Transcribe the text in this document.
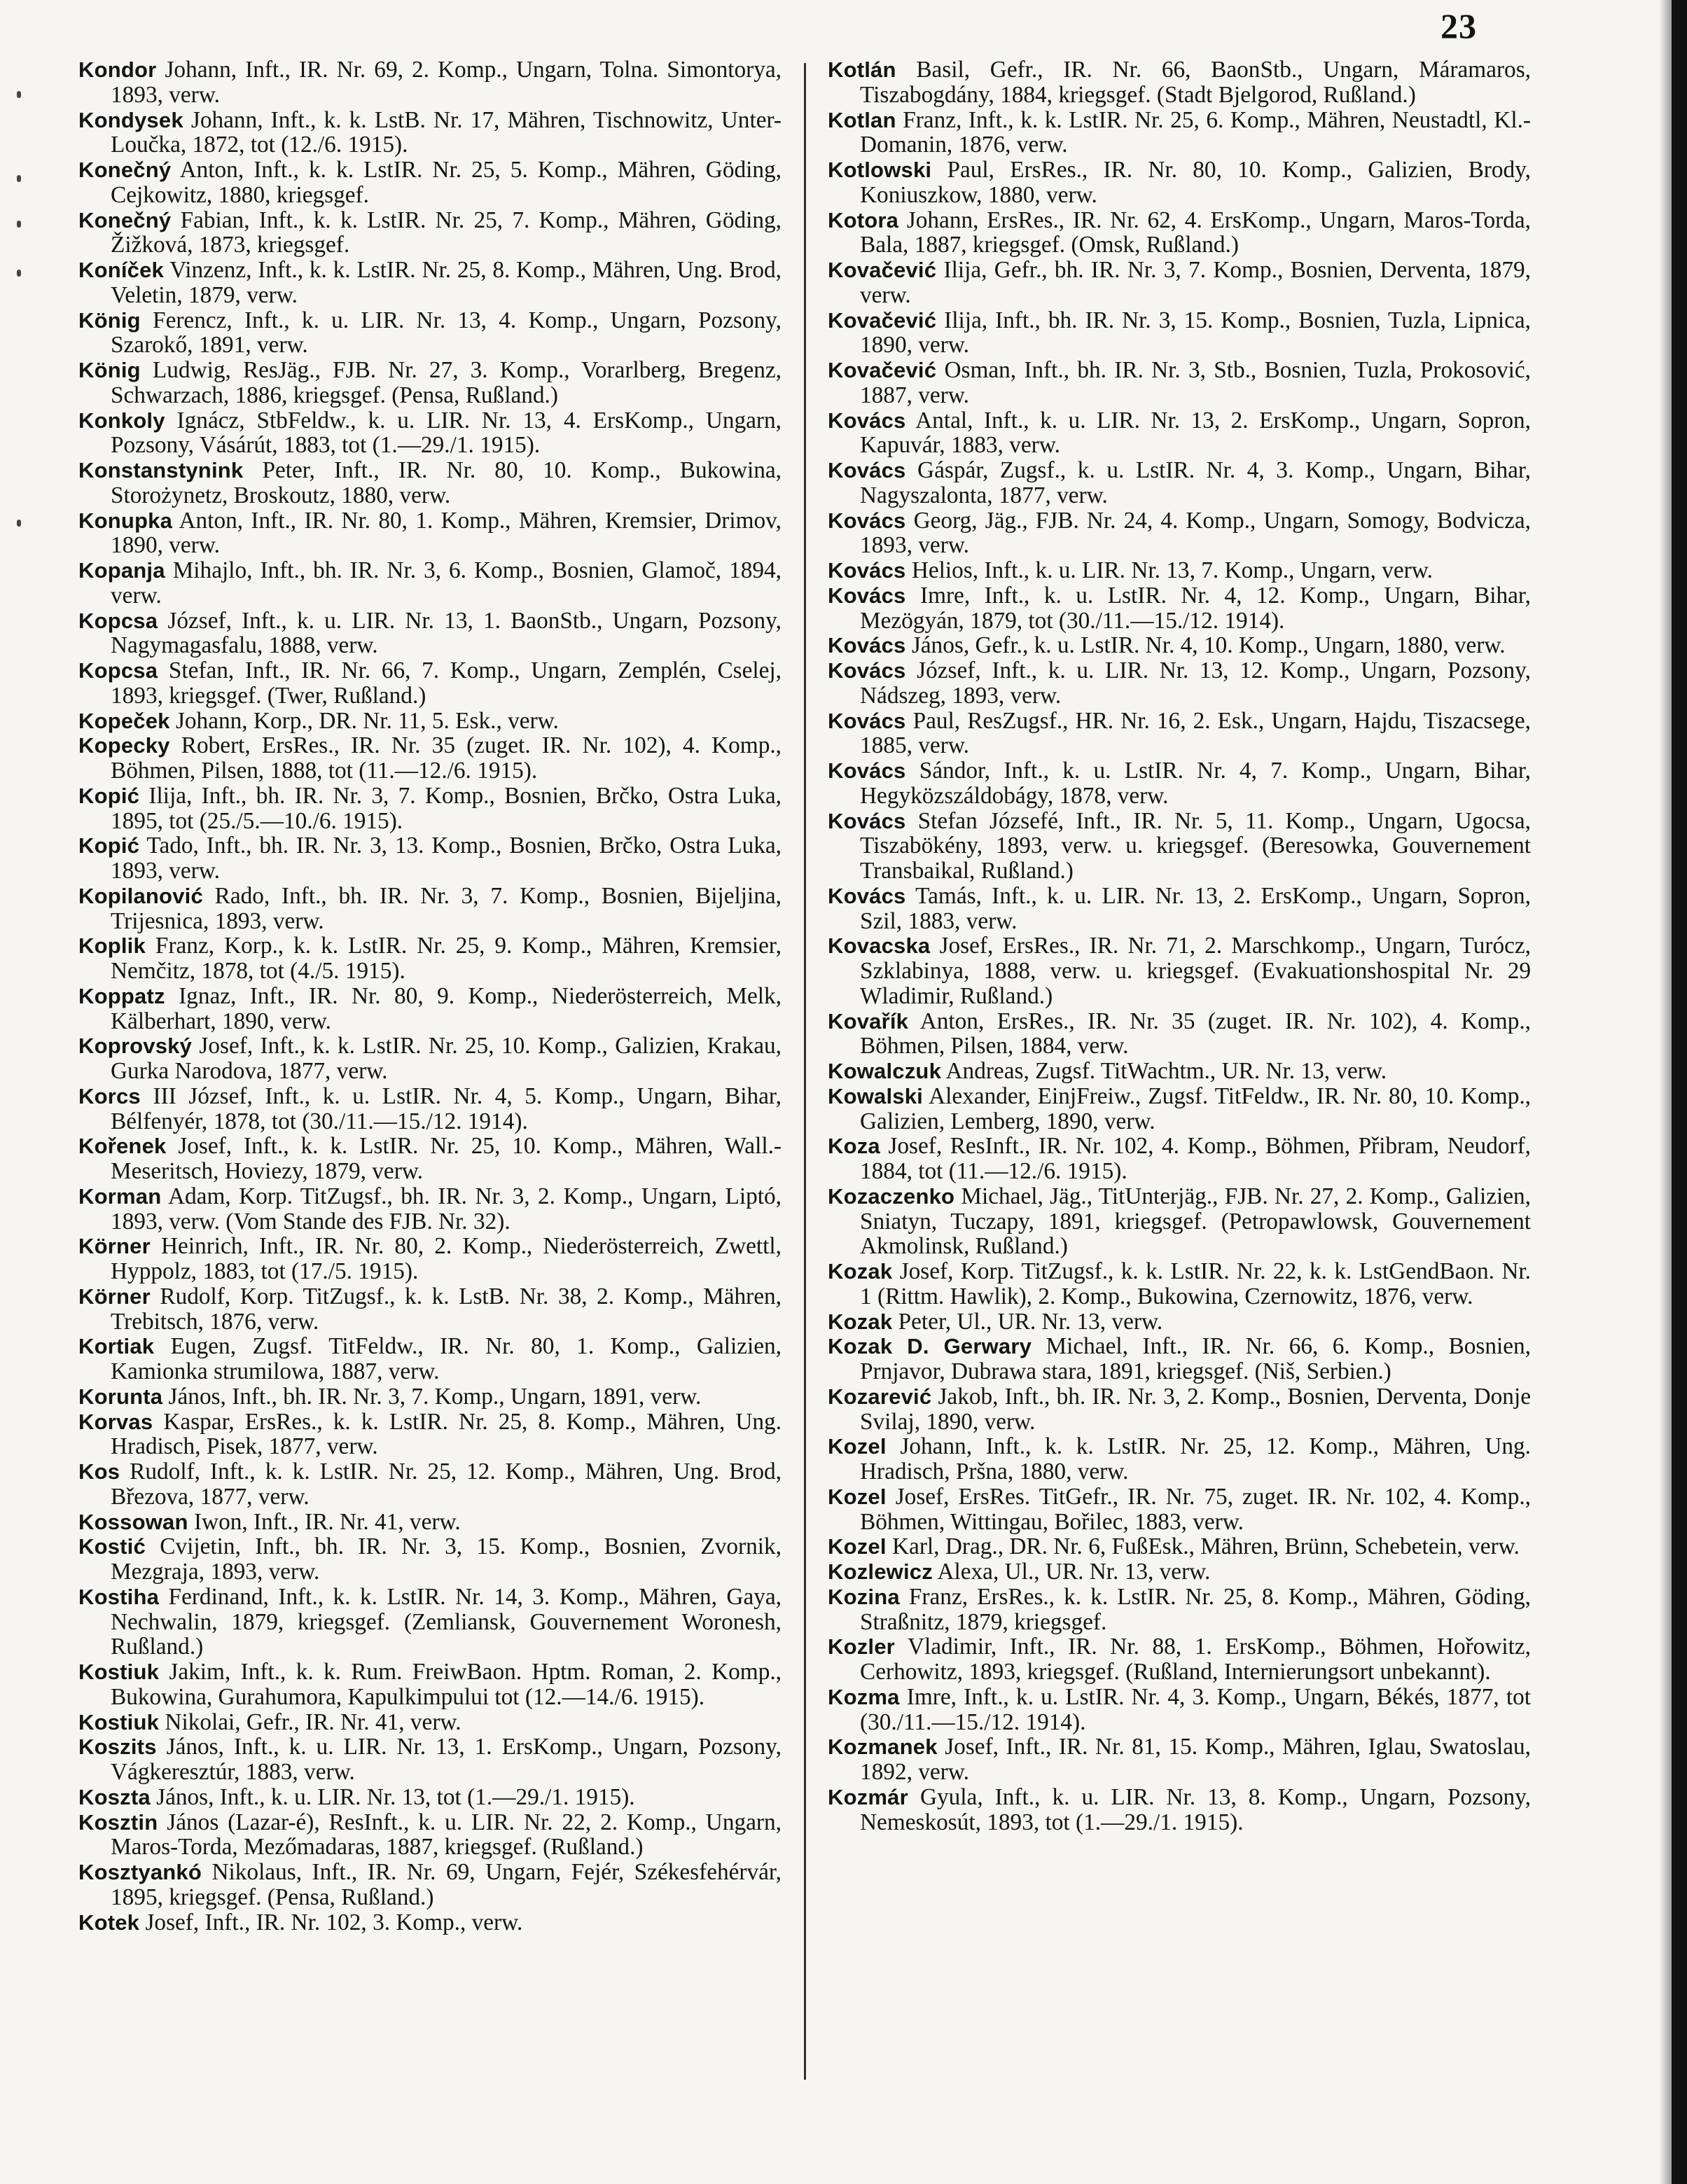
23

Kondor Johann, Inft., IR. Nr. 69, 2. Komp., Ungarn, Tolna. Simontorya, 1893, verw.

Kondysek Johann, Inft., k. k. LstB. Nr. 17, Mähren, Tischnowitz, Unter-Loučka, 1872, tot (12./6. 1915).

Konečný Anton, Inft., k. k. LstIR. Nr. 25, 5. Komp., Mähren, Göding, Cejkowitz, 1880, kriegsgef.

Konečný Fabian, Inft., k. k. LstIR. Nr. 25, 7. Komp., Mähren, Göding, Žižková, 1873, kriegsgef.

Koníček Vinzenz, Inft., k. k. LstIR. Nr. 25, 8. Komp., Mähren, Ung. Brod, Veletin, 1879, verw.

König Ferencz, Inft., k. u. LIR. Nr. 13, 4. Komp., Ungarn, Pozsony, Szarokő, 1891, verw.

König Ludwig, ResJäg., FJB. Nr. 27, 3. Komp., Vorarlberg, Bregenz, Schwarzach, 1886, kriegsgef. (Pensa, Rußland.)

Konkoly Ignácz, StbFeldw., k. u. LIR. Nr. 13, 4. ErsKomp., Ungarn, Pozsony, Vásárút, 1883, tot (1.—29./1. 1915).

Konstanstynink Peter, Inft., IR. Nr. 80, 10. Komp., Bukowina, Storożynetz, Broskoutz, 1880, verw.

Konupka Anton, Inft., IR. Nr. 80, 1. Komp., Mähren, Kremsier, Drimov, 1890, verw.

Kopanja Mihajlo, Inft., bh. IR. Nr. 3, 6. Komp., Bosnien, Glamoč, 1894, verw.

Kopcsa József, Inft., k. u. LIR. Nr. 13, 1. BaonStb., Ungarn, Pozsony, Nagymagasfalu, 1888, verw.

Kopcsa Stefan, Inft., IR. Nr. 66, 7. Komp., Ungarn, Zemplén, Cselej, 1893, kriegsgef. (Twer, Rußland.)

Kopeček Johann, Korp., DR. Nr. 11, 5. Esk., verw.

Kopecky Robert, ErsRes., IR. Nr. 35 (zuget. IR. Nr. 102), 4. Komp., Böhmen, Pilsen, 1888, tot (11.—12./6. 1915).

Kopić Ilija, Inft., bh. IR. Nr. 3, 7. Komp., Bosnien, Brčko, Ostra Luka, 1895, tot (25./5.—10./6. 1915).

Kopić Tado, Inft., bh. IR. Nr. 3, 13. Komp., Bosnien, Brčko, Ostra Luka, 1893, verw.

Kopilanović Rado, Inft., bh. IR. Nr. 3, 7. Komp., Bosnien, Bijeljina, Trijesnica, 1893, verw.

Koplik Franz, Korp., k. k. LstIR. Nr. 25, 9. Komp., Mähren, Kremsier, Nemčitz, 1878, tot (4./5. 1915).

Koppatz Ignaz, Inft., IR. Nr. 80, 9. Komp., Niederösterreich, Melk, Kälberhart, 1890, verw.

Koprovský Josef, Inft., k. k. LstIR. Nr. 25, 10. Komp., Galizien, Krakau, Gurka Narodova, 1877, verw.

Korcs III József, Inft., k. u. LstIR. Nr. 4, 5. Komp., Ungarn, Bihar, Bélfenyér, 1878, tot (30./11.—15./12. 1914).

Kořenek Josef, Inft., k. k. LstIR. Nr. 25, 10. Komp., Mähren, Wall.-Meseritsch, Hoviezy, 1879, verw.

Korman Adam, Korp. TitZugsf., bh. IR. Nr. 3, 2. Komp., Ungarn, Liptó, 1893, verw. (Vom Stande des FJB. Nr. 32).

Körner Heinrich, Inft., IR. Nr. 80, 2. Komp., Niederösterreich, Zwettl, Hyppolz, 1883, tot (17./5. 1915).

Körner Rudolf, Korp. TitZugsf., k. k. LstB. Nr. 38, 2. Komp., Mähren, Trebitsch, 1876, verw.

Kortiak Eugen, Zugsf. TitFeldw., IR. Nr. 80, 1. Komp., Galizien, Kamionka strumilowa, 1887, verw.

Korunta János, Inft., bh. IR. Nr. 3, 7. Komp., Ungarn, 1891, verw.

Korvas Kaspar, ErsRes., k. k. LstIR. Nr. 25, 8. Komp., Mähren, Ung. Hradisch, Pisek, 1877, verw.

Kos Rudolf, Inft., k. k. LstIR. Nr. 25, 12. Komp., Mähren, Ung. Brod, Březova, 1877, verw.

Kossowan Iwon, Inft., IR. Nr. 41, verw.

Kostić Cvijetin, Inft., bh. IR. Nr. 3, 15. Komp., Bosnien, Zvornik, Mezgraja, 1893, verw.

Kostiha Ferdinand, Inft., k. k. LstIR. Nr. 14, 3. Komp., Mähren, Gaya, Nechwalin, 1879, kriegsgef. (Zemliansk, Gouvernement Woronesh, Rußland.)

Kostiuk Jakim, Inft., k. k. Rum. FreiwBaon. Hptm. Roman, 2. Komp., Bukowina, Gurahumora, Kapulkimpului tot (12.—14./6. 1915).

Kostiuk Nikolai, Gefr., IR. Nr. 41, verw.

Koszits János, Inft., k. u. LIR. Nr. 13, 1. ErsKomp., Ungarn, Pozsony, Vágkeresztúr, 1883, verw.

Koszta János, Inft., k. u. LIR. Nr. 13, tot (1.—29./1. 1915).

Kosztin János (Lazar-é), ResInft., k. u. LIR. Nr. 22, 2. Komp., Ungarn, Maros-Torda, Mezőmadaras, 1887, kriegsgef. (Rußland.)

Kosztyankó Nikolaus, Inft., IR. Nr. 69, Ungarn, Fejér, Székesfehérvár, 1895, kriegsgef. (Pensa, Rußland.)

Kotek Josef, Inft., IR. Nr. 102, 3. Komp., verw.

Kotlán Basil, Gefr., IR. Nr. 66, BaonStb., Ungarn, Máramaros, Tiszabogdány, 1884, kriegsgef. (Stadt Bjelgorod, Rußland.)

Kotlan Franz, Inft., k. k. LstIR. Nr. 25, 6. Komp., Mähren, Neustadtl, Kl.-Domanin, 1876, verw.

Kotlowski Paul, ErsRes., IR. Nr. 80, 10. Komp., Galizien, Brody, Koniuszkow, 1880, verw.

Kotora Johann, ErsRes., IR. Nr. 62, 4. ErsKomp., Ungarn, Maros-Torda, Bala, 1887, kriegsgef. (Omsk, Rußland.)

Kovačević Ilija, Gefr., bh. IR. Nr. 3, 7. Komp., Bosnien, Derventa, 1879, verw.

Kovačević Ilija, Inft., bh. IR. Nr. 3, 15. Komp., Bosnien, Tuzla, Lipnica, 1890, verw.

Kovačević Osman, Inft., bh. IR. Nr. 3, Stb., Bosnien, Tuzla, Prokosović, 1887, verw.

Kovács Antal, Inft., k. u. LIR. Nr. 13, 2. ErsKomp., Ungarn, Sopron, Kapuvár, 1883, verw.

Kovács Gáspár, Zugsf., k. u. LstIR. Nr. 4, 3. Komp., Ungarn, Bihar, Nagyszalonta, 1877, verw.

Kovács Georg, Jäg., FJB. Nr. 24, 4. Komp., Ungarn, Somogy, Bodvicza, 1893, verw.

Kovács Helios, Inft., k. u. LIR. Nr. 13, 7. Komp., Ungarn, verw.

Kovács Imre, Inft., k. u. LstIR. Nr. 4, 12. Komp., Ungarn, Bihar, Mezögyán, 1879, tot (30./11.—15./12. 1914).

Kovács János, Gefr., k. u. LstIR. Nr. 4, 10. Komp., Ungarn, 1880, verw.

Kovács József, Inft., k. u. LIR. Nr. 13, 12. Komp., Ungarn, Pozsony, Nádszeg, 1893, verw.

Kovács Paul, ResZugsf., HR. Nr. 16, 2. Esk., Ungarn, Hajdu, Tiszacsege, 1885, verw.

Kovács Sándor, Inft., k. u. LstIR. Nr. 4, 7. Komp., Ungarn, Bihar, Hegyközszáldobágy, 1878, verw.

Kovács Stefan Józsefé, Inft., IR. Nr. 5, 11. Komp., Ungarn, Ugocsa, Tiszabökény, 1893, verw. u. kriegsgef. (Beresowka, Gouvernement Transbaikal, Rußland.)

Kovács Tamás, Inft., k. u. LIR. Nr. 13, 2. ErsKomp., Ungarn, Sopron, Szil, 1883, verw.

Kovacska Josef, ErsRes., IR. Nr. 71, 2. Marschkomp., Ungarn, Turócz, Szklabinya, 1888, verw. u. kriegsgef. (Evakuationshospital Nr. 29 Wladimir, Rußland.)

Kovařík Anton, ErsRes., IR. Nr. 35 (zuget. IR. Nr. 102), 4. Komp., Böhmen, Pilsen, 1884, verw.

Kowalczuk Andreas, Zugsf. TitWachtm., UR. Nr. 13, verw.

Kowalski Alexander, EinjFreiw., Zugsf. TitFeldw., IR. Nr. 80, 10. Komp., Galizien, Lemberg, 1890, verw.

Koza Josef, ResInft., IR. Nr. 102, 4. Komp., Böhmen, Přibram, Neudorf, 1884, tot (11.—12./6. 1915).

Kozaczenko Michael, Jäg., TitUnterjäg., FJB. Nr. 27, 2. Komp., Galizien, Sniatyn, Tuczapy, 1891, kriegsgef. (Petropawlowsk, Gouvernement Akmolinsk, Rußland.)

Kozak Josef, Korp. TitZugsf., k. k. LstIR. Nr. 22, k. k. LstGendBaon. Nr. 1 (Rittm. Hawlik), 2. Komp., Bukowina, Czernowitz, 1876, verw.

Kozak Peter, Ul., UR. Nr. 13, verw.

Kozak D. Gerwary Michael, Inft., IR. Nr. 66, 6. Komp., Bosnien, Prnjavor, Dubrawa stara, 1891, kriegsgef. (Niš, Serbien.)

Kozarević Jakob, Inft., bh. IR. Nr. 3, 2. Komp., Bosnien, Derventa, Donje Svilaj, 1890, verw.

Kozel Johann, Inft., k. k. LstIR. Nr. 25, 12. Komp., Mähren, Ung. Hradisch, Pršna, 1880, verw.

Kozel Josef, ErsRes. TitGefr., IR. Nr. 75, zuget. IR. Nr. 102, 4. Komp., Böhmen, Wittingau, Bořilec, 1883, verw.

Kozel Karl, Drag., DR. Nr. 6, FußEsk., Mähren, Brünn, Schebetein, verw.

Kozlewicz Alexa, Ul., UR. Nr. 13, verw.

Kozina Franz, ErsRes., k. k. LstIR. Nr. 25, 8. Komp., Mähren, Göding, Straßnitz, 1879, kriegsgef.

Kozler Vladimir, Inft., IR. Nr. 88, 1. ErsKomp., Böhmen, Hořowitz, Cerhowitz, 1893, kriegsgef. (Rußland, Internierungsort unbekannt).

Kozma Imre, Inft., k. u. LstIR. Nr. 4, 3. Komp., Ungarn, Békés, 1877, tot (30./11.—15./12. 1914).

Kozmanek Josef, Inft., IR. Nr. 81, 15. Komp., Mähren, Iglau, Swatoslau, 1892, verw.

Kozmár Gyula, Inft., k. u. LIR. Nr. 13, 8. Komp., Ungarn, Pozsony, Nemeskosút, 1893, tot (1.—29./1. 1915).
